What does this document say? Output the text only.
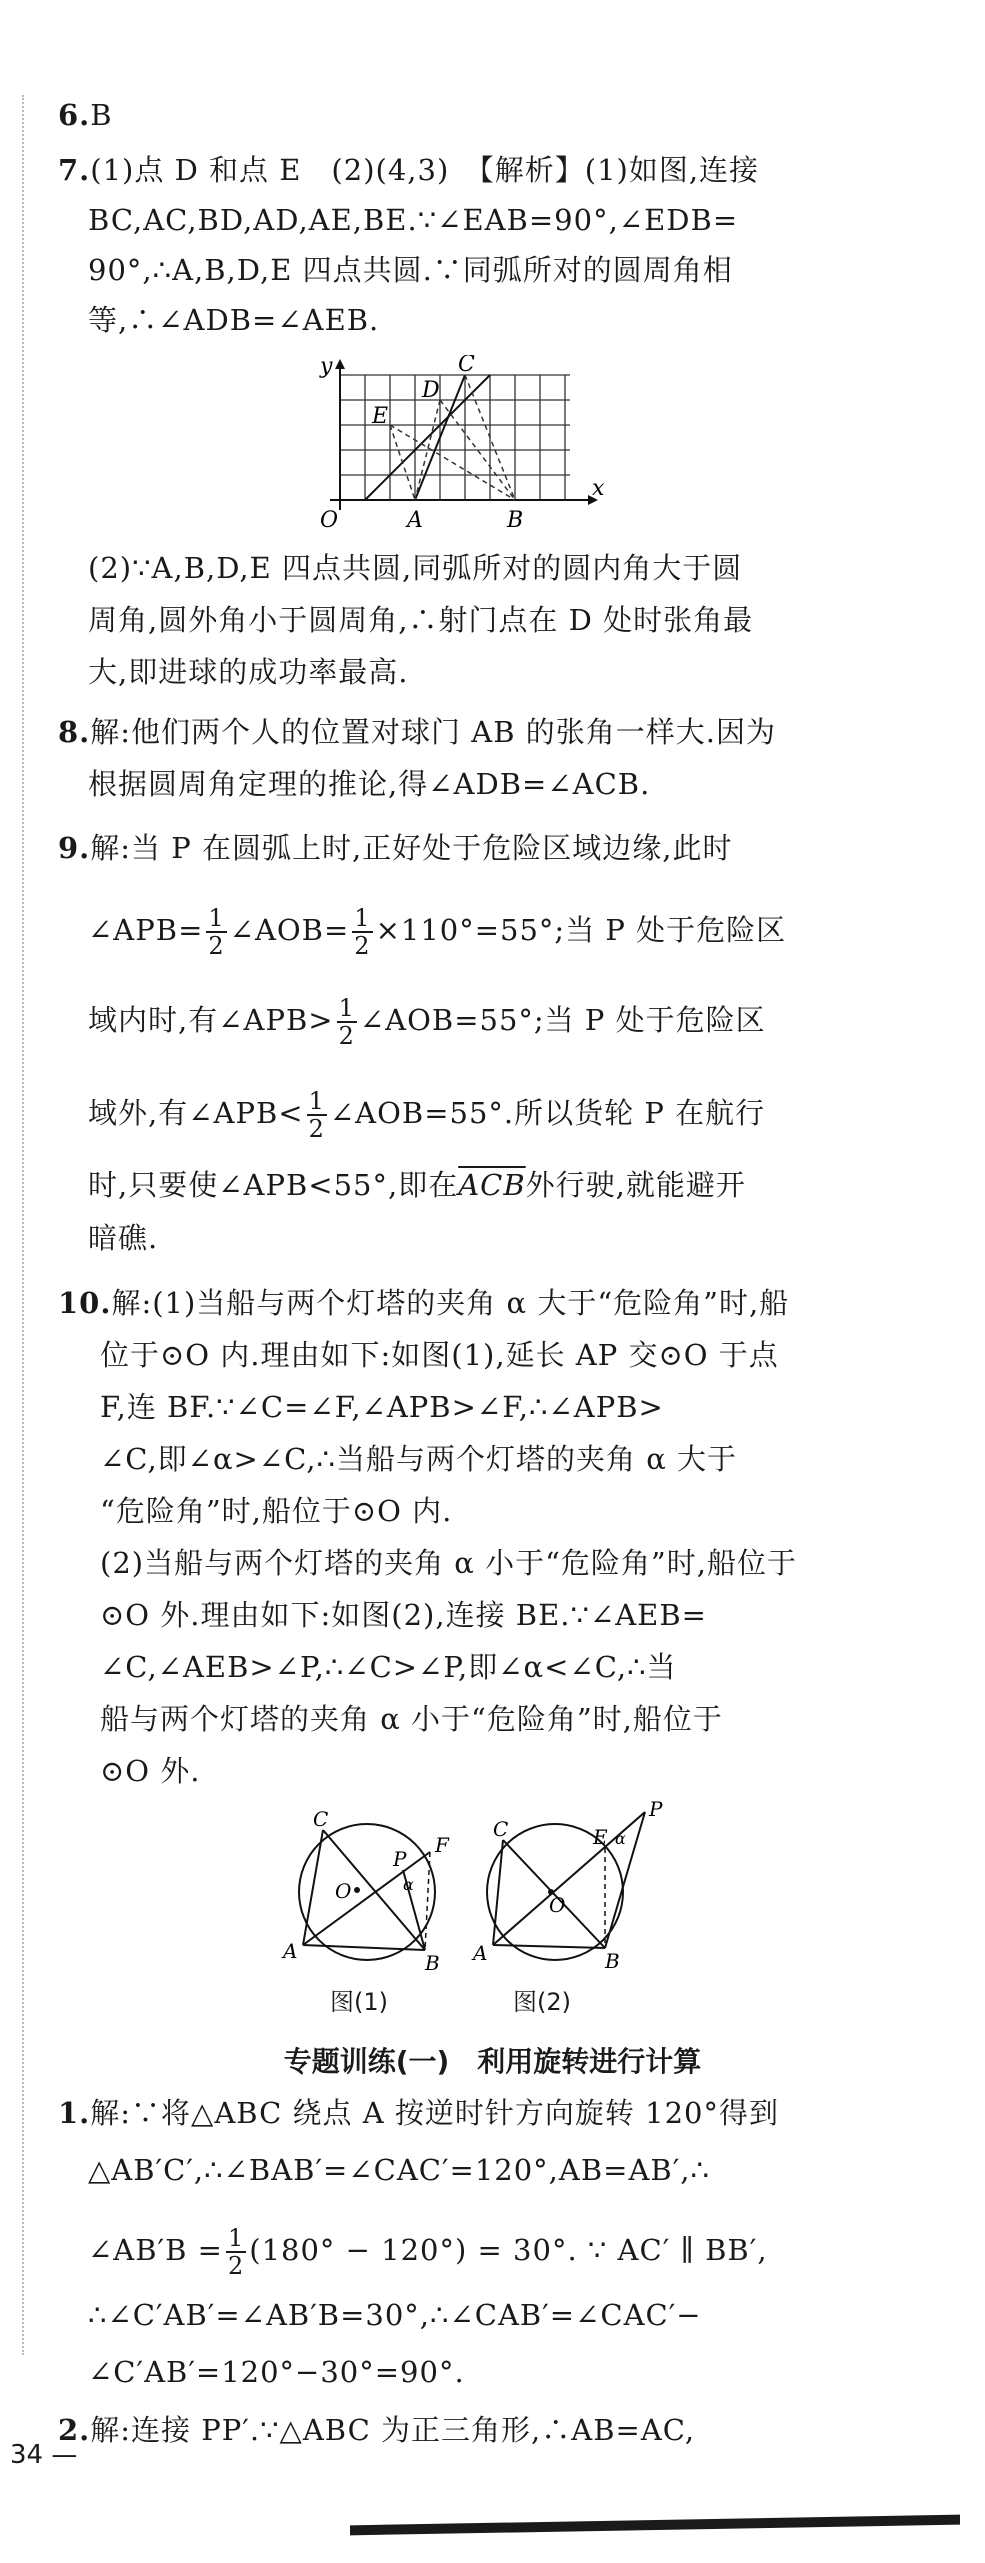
6.B
7.(1)点 D 和点 E　(2)(4,3)　【解析】(1)如图,连接
BC,AC,BD,AD,AE,BE.∵∠EAB=90°,∠EDB=
90°,∴A,B,D,E 四点共圆.∵同弧所对的圆周角相
等,∴∠ADB=∠AEB.
y
x
O	A	B
C
D
E
(2)∵A,B,D,E 四点共圆,同弧所对的圆内角大于圆
周角,圆外角小于圆周角,∴射门点在 D 处时张角最
大,即进球的成功率最高.
8.解:他们两个人的位置对球门 AB 的张角一样大.因为
根据圆周角定理的推论,得∠ADB=∠ACB.
9.解:当 P 在圆弧上时,正好处于危险区域边缘,此时
∠APB= $\frac{1}{2}$ ∠AOB= $\frac{1}{2} \times 110^\circ=55^\circ$;当 P 处于危险区
域内时,有∠APB> $\frac{1}{2}$ ∠AOB=55°;当 P 处于危险区
域外,有∠APB< $\frac{1}{2}$ ∠AOB=55°.所以货轮 P 在航行
时,只要使∠APB<55°,即在$\overline{ACB}$外行驶,就能避开
暗礁.
10.解:(1)当船与两个灯塔的夹角 α 大于“危险角”时,船
位于⊙O 内.理由如下:如图(1),延长 AP 交⊙O 于点
F,连 BF.∵∠C=∠F,∠APB>∠F,∴∠APB>
∠C,即∠α>∠C,∴当船与两个灯塔的夹角 α 大于
“危险角”时,船位于⊙O 内.
(2)当船与两个灯塔的夹角 α 小于“危险角”时,船位于
⊙O 外.理由如下:如图(2),连接 BE.∵∠AEB=
∠C,∠AEB>∠P,∴∠C>∠P,即∠α<∠C,∴当
船与两个灯塔的夹角 α 小于“危险角”时,船位于
⊙O 外.
C
O
P
F
α
A	B
图(1)
C	E
P
α
O
A	B
图(2)
专题训练(一)　利用旋转进行计算
1.解:∵将△ABC 绕点 A 按逆时针方向旋转 120°得到
△AB′C′,∴∠BAB′=∠CAC′=120°,AB=AB′,∴
∠AB′B = $\frac{1}{2} (180^\circ - 120^\circ) = 30^\circ$. ∵ AC′ ∥ BB′,
∴∠C′AB′=∠AB′B=30°,∴∠CAB′=∠CAC′−
∠C′AB′=120°−30°=90°.
2.解:连接 PP′.∵△ABC 为正三角形,∴AB=AC,
34 —
